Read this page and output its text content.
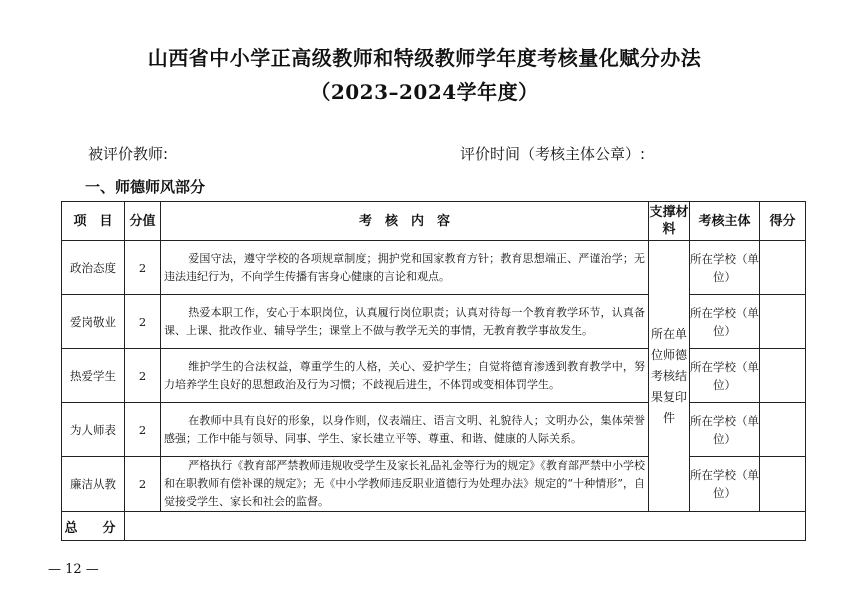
山西省中小学正高级教师和特级教师学年度考核量化赋分办法
（2023–2024学年度）
被评价教师:	评价时间（考核主体公章）:
一、师德师风部分
项　目	分值	考　核　内　容	支撑材料	考核主体	得分
政治态度	2	爱国守法，遵守学校的各项规章制度；拥护党和国家教育方针；教育思想端正、严谨治学；无违法违纪行为，不向学生传播有害身心健康的言论和观点。	所在单位师德考核结果复印件	所在学校（单位）	
爱岗敬业	2	热爱本职工作，安心于本职岗位，认真履行岗位职责；认真对待每一个教育教学环节，认真备课、上课、批改作业、辅导学生；课堂上不做与教学无关的事情，无教育教学事故发生。		所在学校（单位）	
热爱学生	2	维护学生的合法权益，尊重学生的人格，关心、爱护学生；自觉将德育渗透到教育教学中，努力培养学生良好的思想政治及行为习惯；不歧视后进生，不体罚或变相体罚学生。		所在学校（单位）	
为人师表	2	在教师中具有良好的形象，以身作则，仪表端庄、语言文明、礼貌待人；文明办公，集体荣誉感强；工作中能与领导、同事、学生、家长建立平等、尊重、和谐、健康的人际关系。		所在学校（单位）	
廉洁从教	2	严格执行《教育部严禁教师违规收受学生及家长礼品礼金等行为的规定》《教育部严禁中小学校和在职教师有偿补课的规定》；无《中小学教师违反职业道德行为处理办法》规定的“十种情形”，自觉接受学生、家长和社会的监督。		所在学校（单位）	
总　分					
— 12 —
